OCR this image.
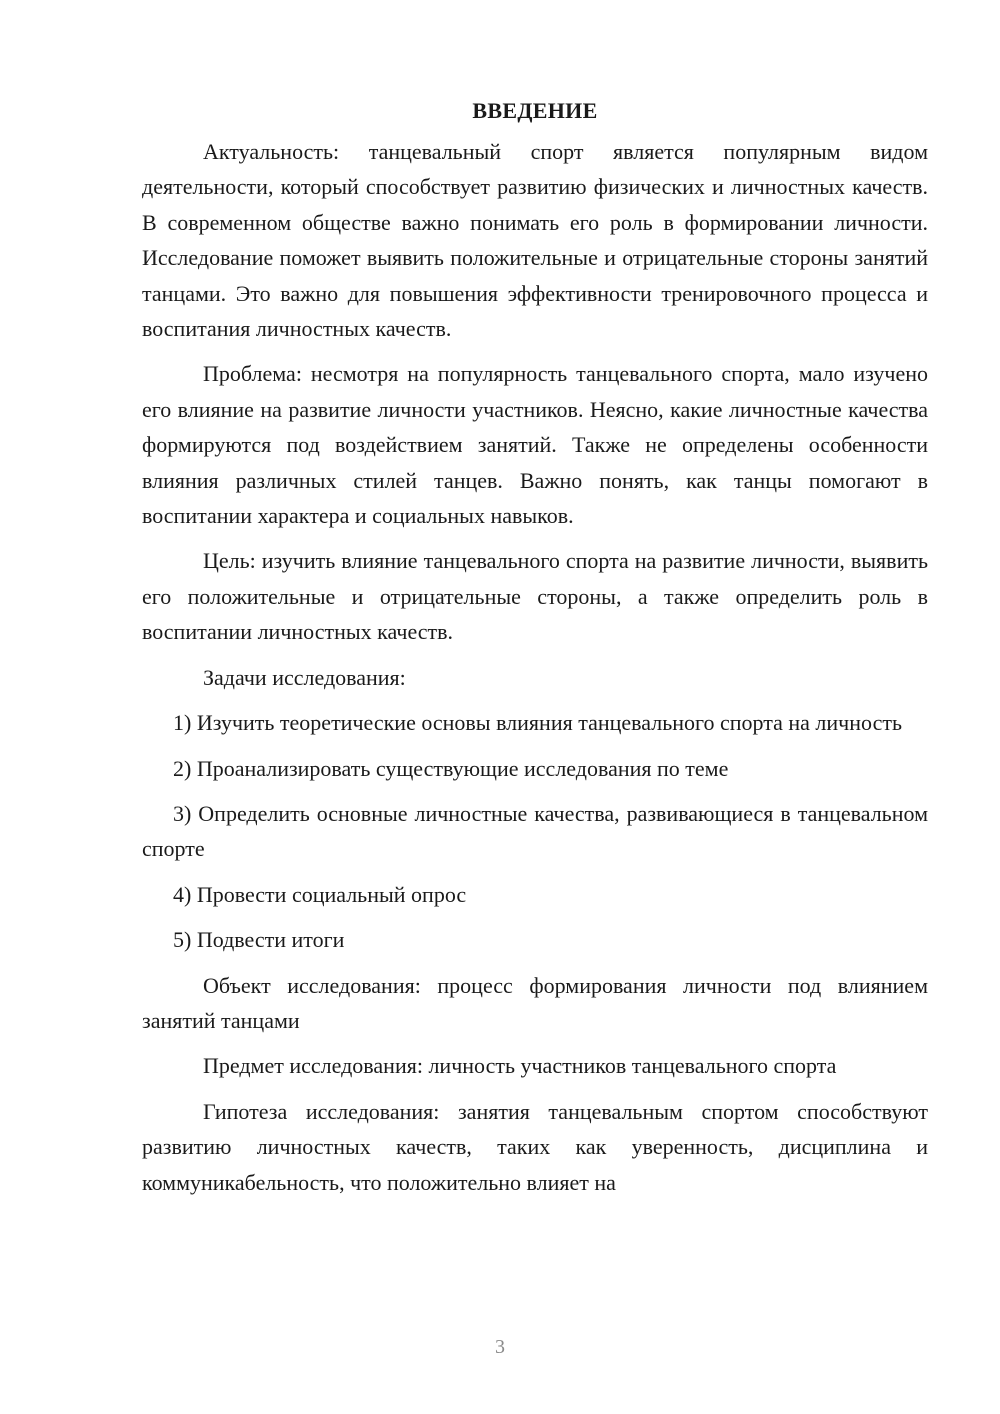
ВВЕДЕНИЕ

Актуальность: танцевальный спорт является популярным видом деятельности, который способствует развитию физических и личностных качеств. В современном обществе важно понимать его роль в формировании личности. Исследование поможет выявить положительные и отрицательные стороны занятий танцами. Это важно для повышения эффективности тренировочного процесса и воспитания личностных качеств.

Проблема: несмотря на популярность танцевального спорта, мало изучено его влияние на развитие личности участников. Неясно, какие личностные качества формируются под воздействием занятий. Также не определены особенности влияния различных стилей танцев. Важно понять, как танцы помогают в воспитании характера и социальных навыков.

Цель: изучить влияние танцевального спорта на развитие личности, выявить его положительные и отрицательные стороны, а также определить роль в воспитании личностных качеств.

Задачи исследования:

1) Изучить теоретические основы влияния танцевального спорта на личность

2) Проанализировать существующие исследования по теме

3) Определить основные личностные качества, развивающиеся в танцевальном спорте

4) Провести социальный опрос

5) Подвести итоги

Объект исследования: процесс формирования личности под влиянием занятий танцами

Предмет исследования: личность участников танцевального спорта

Гипотеза исследования: занятия танцевальным спортом способствуют развитию личностных качеств, таких как уверенность, дисциплина и коммуникабельность, что положительно влияет на

3
